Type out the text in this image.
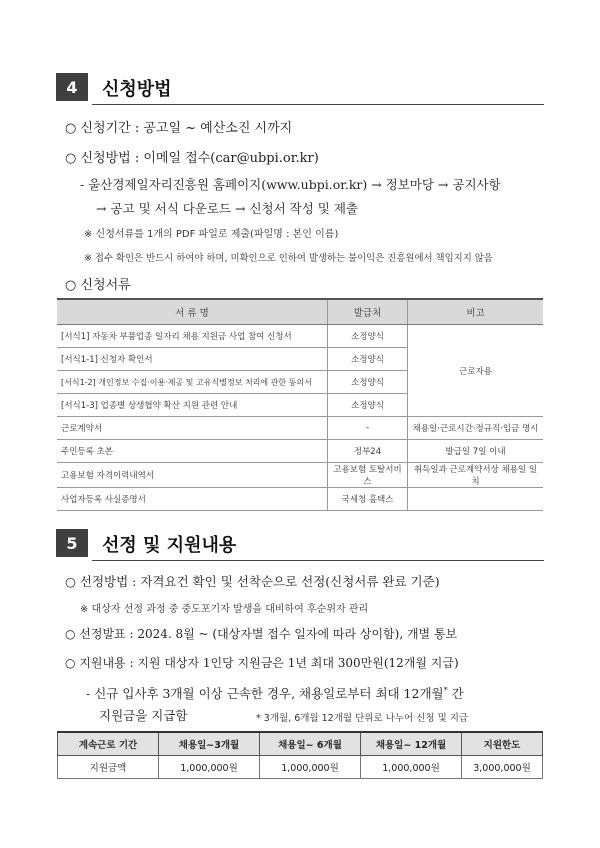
4	신청방법
○ 신청기간 : 공고일 ~ 예산소진 시까지
○ 신청방법 : 이메일 접수(car@ubpi.or.kr)
- 울산경제일자리진흥원 홈페이지(www.ubpi.or.kr) → 정보마당 → 공지사항
→ 공고 및 서식 다운로드 → 신청서 작성 및 제출
※ 신청서류를 1개의 PDF 파일로 제출(파일명 : 본인 이름)
※ 접수 확인은 반드시 하여야 하며, 미확인으로 인하여 발생하는 불이익은 진흥원에서 책임지지 않음
○ 신청서류
서 류 명	발급처	비고
[서식1] 자동차 부품업종 일자리 채용 지원금 사업 참여 신청서	소정양식	근로자용
[서식1-1] 신청자 확인서	소정양식	
[서식1-2] 개인정보 수집·이용·제공 및 고유식별정보 처리에 관한 동의서	소정양식	
[서식1-3] 업종별 상생협약 확산 지원 관련 안내	소정양식	
근로계약서	-	채용일·근로시간·정규직·임금 명시
주민등록 초본	정부24	발급일 7일 이내
고용보험 자격이력내역서	고용보험 토탈서비스	취득일과 근로계약서상 채용일 일치
사업자등록 사실증명서	국세청 홈택스	
5	선정 및 지원내용
○ 선정방법 : 자격요건 확인 및 선착순으로 선정(신청서류 완료 기준)
※ 대상자 선정 과정 중 중도포기자 발생을 대비하여 후순위자 관리
○ 선정발표 : 2024. 8월 ~ (대상자별 접수 일자에 따라 상이함), 개별 통보
○ 지원내용 : 지원 대상자 1인당 지원금은 1년 최대 300만원(12개월 지급)
- 신규 입사후 3개월 이상 근속한 경우, 채용일로부터 최대 12개월* 간
지원금을 지급함	* 3개월, 6개월 12개월 단위로 나누어 신청 및 지급
계속근로 기간	채용일~3개월	채용일~ 6개월	채용일~ 12개월	지원한도
지원금액	1,000,000원	1,000,000원	1,000,000원	3,000,000원
